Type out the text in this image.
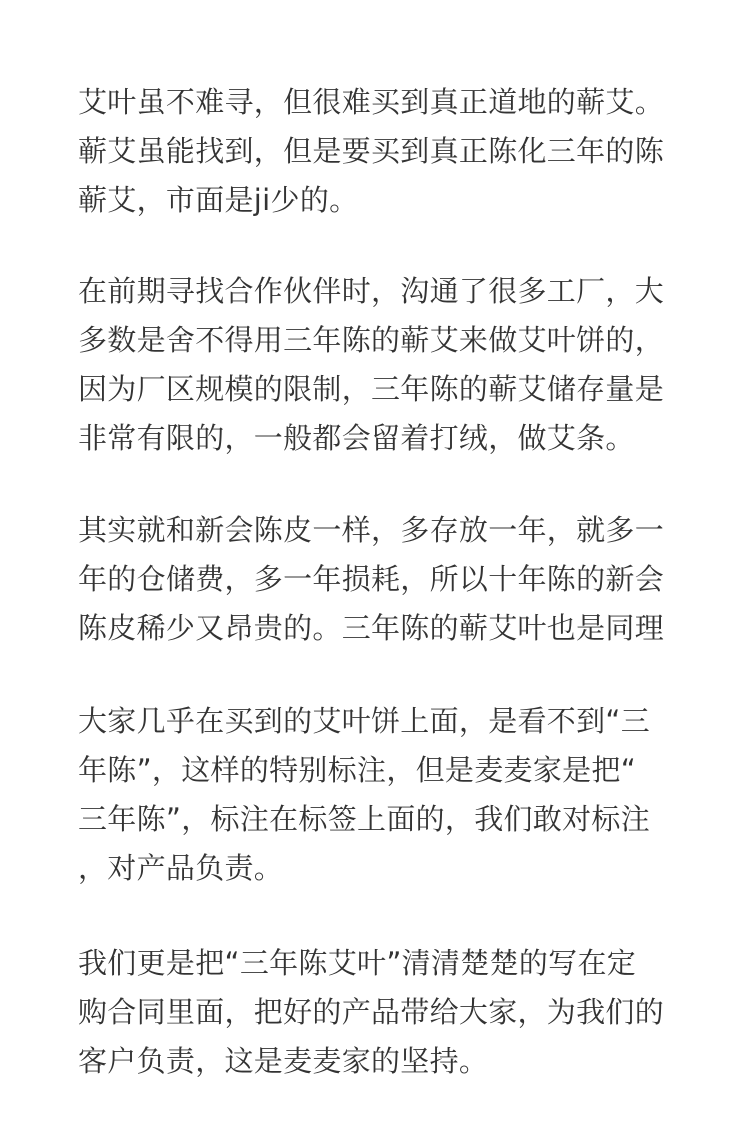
艾叶虽不难寻，但很难买到真正道地的蕲艾。
蕲艾虽能找到，但是要买到真正陈化三年的陈
蕲艾，市面是ji少的。

在前期寻找合作伙伴时，沟通了很多工厂，大
多数是舍不得用三年陈的蕲艾来做艾叶饼的，
因为厂区规模的限制，三年陈的蕲艾储存量是
非常有限的，一般都会留着打绒，做艾条。

其实就和新会陈皮一样，多存放一年，就多一
年的仓储费，多一年损耗，所以十年陈的新会
陈皮稀少又昂贵的。三年陈的蕲艾叶也是同理

大家几乎在买到的艾叶饼上面，是看不到“三
年陈”，这样的特别标注，但是麦麦家是把“
三年陈”，标注在标签上面的，我们敢对标注
，对产品负责。

我们更是把“三年陈艾叶”清清楚楚的写在定
购合同里面，把好的产品带给大家，为我们的
客户负责，这是麦麦家的坚持。
